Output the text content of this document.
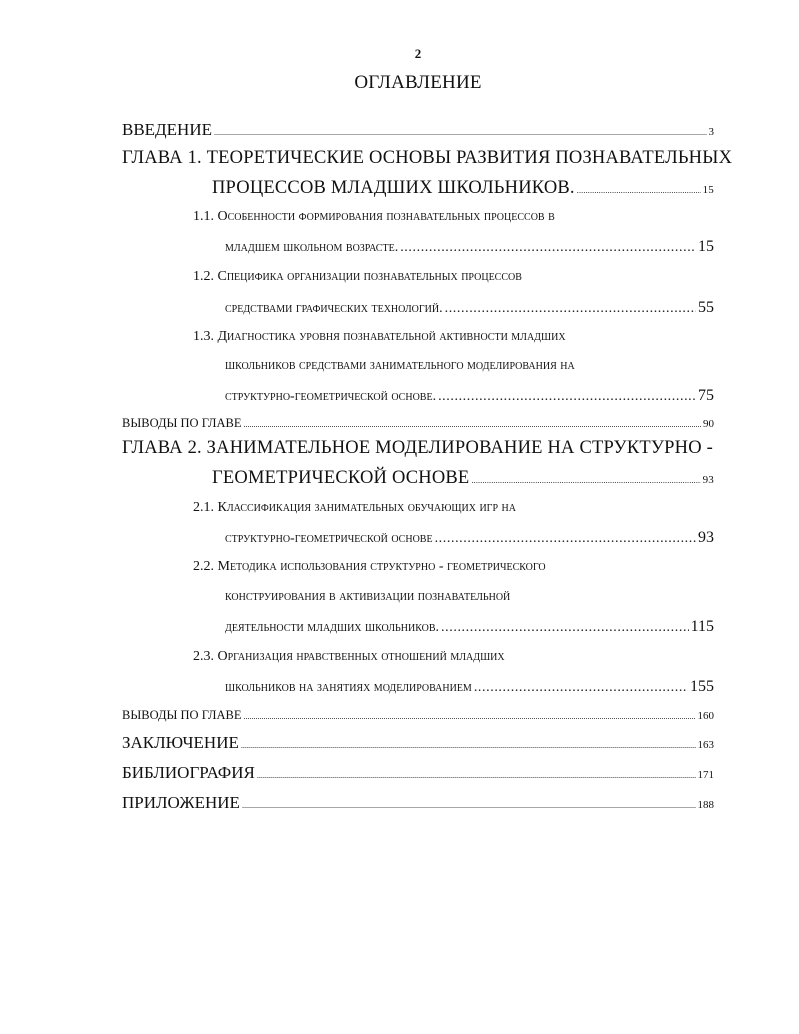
2
ОГЛАВЛЕНИЕ
ВВЕДЕНИЕ .....	3
ГЛАВА 1. ТЕОРЕТИЧЕСКИЕ ОСНОВЫ РАЗВИТИЯ ПОЗНАВАТЕЛЬНЫХ
ПРОЦЕССОВ МЛАДШИХ ШКОЛЬНИКОВ. .....	15
1.1. Особенности формирования познавательных процессов в
младшем школьном возрасте. .....	15
1.2. Специфика организации познавательных процессов
средствами графических технологий. .....	55
1.3. Диагностика уровня познавательной активности младших
школьников средствами занимательного моделирования на
структурно-геометрической основе. .....	75
ВЫВОДЫ ПО ГЛАВЕ .....	90
ГЛАВА 2. ЗАНИМАТЕЛЬНОЕ МОДЕЛИРОВАНИЕ НА СТРУКТУРНО -
ГЕОМЕТРИЧЕСКОЙ ОСНОВЕ .....	93
2.1. Классификация занимательных обучающих игр на
структурно-геометрической основе .....	93
2.2. Методика использования структурно - геометрического
конструирования в активизации познавательной
деятельности младших школьников. .....	115
2.3. Организация нравственных отношений младших
школьников на занятиях моделированием .....	155
ВЫВОДЫ ПО ГЛАВЕ .....	160
ЗАКЛЮЧЕНИЕ .....	163
БИБЛИОГРАФИЯ .....	171
ПРИЛОЖЕНИЕ .....	188
